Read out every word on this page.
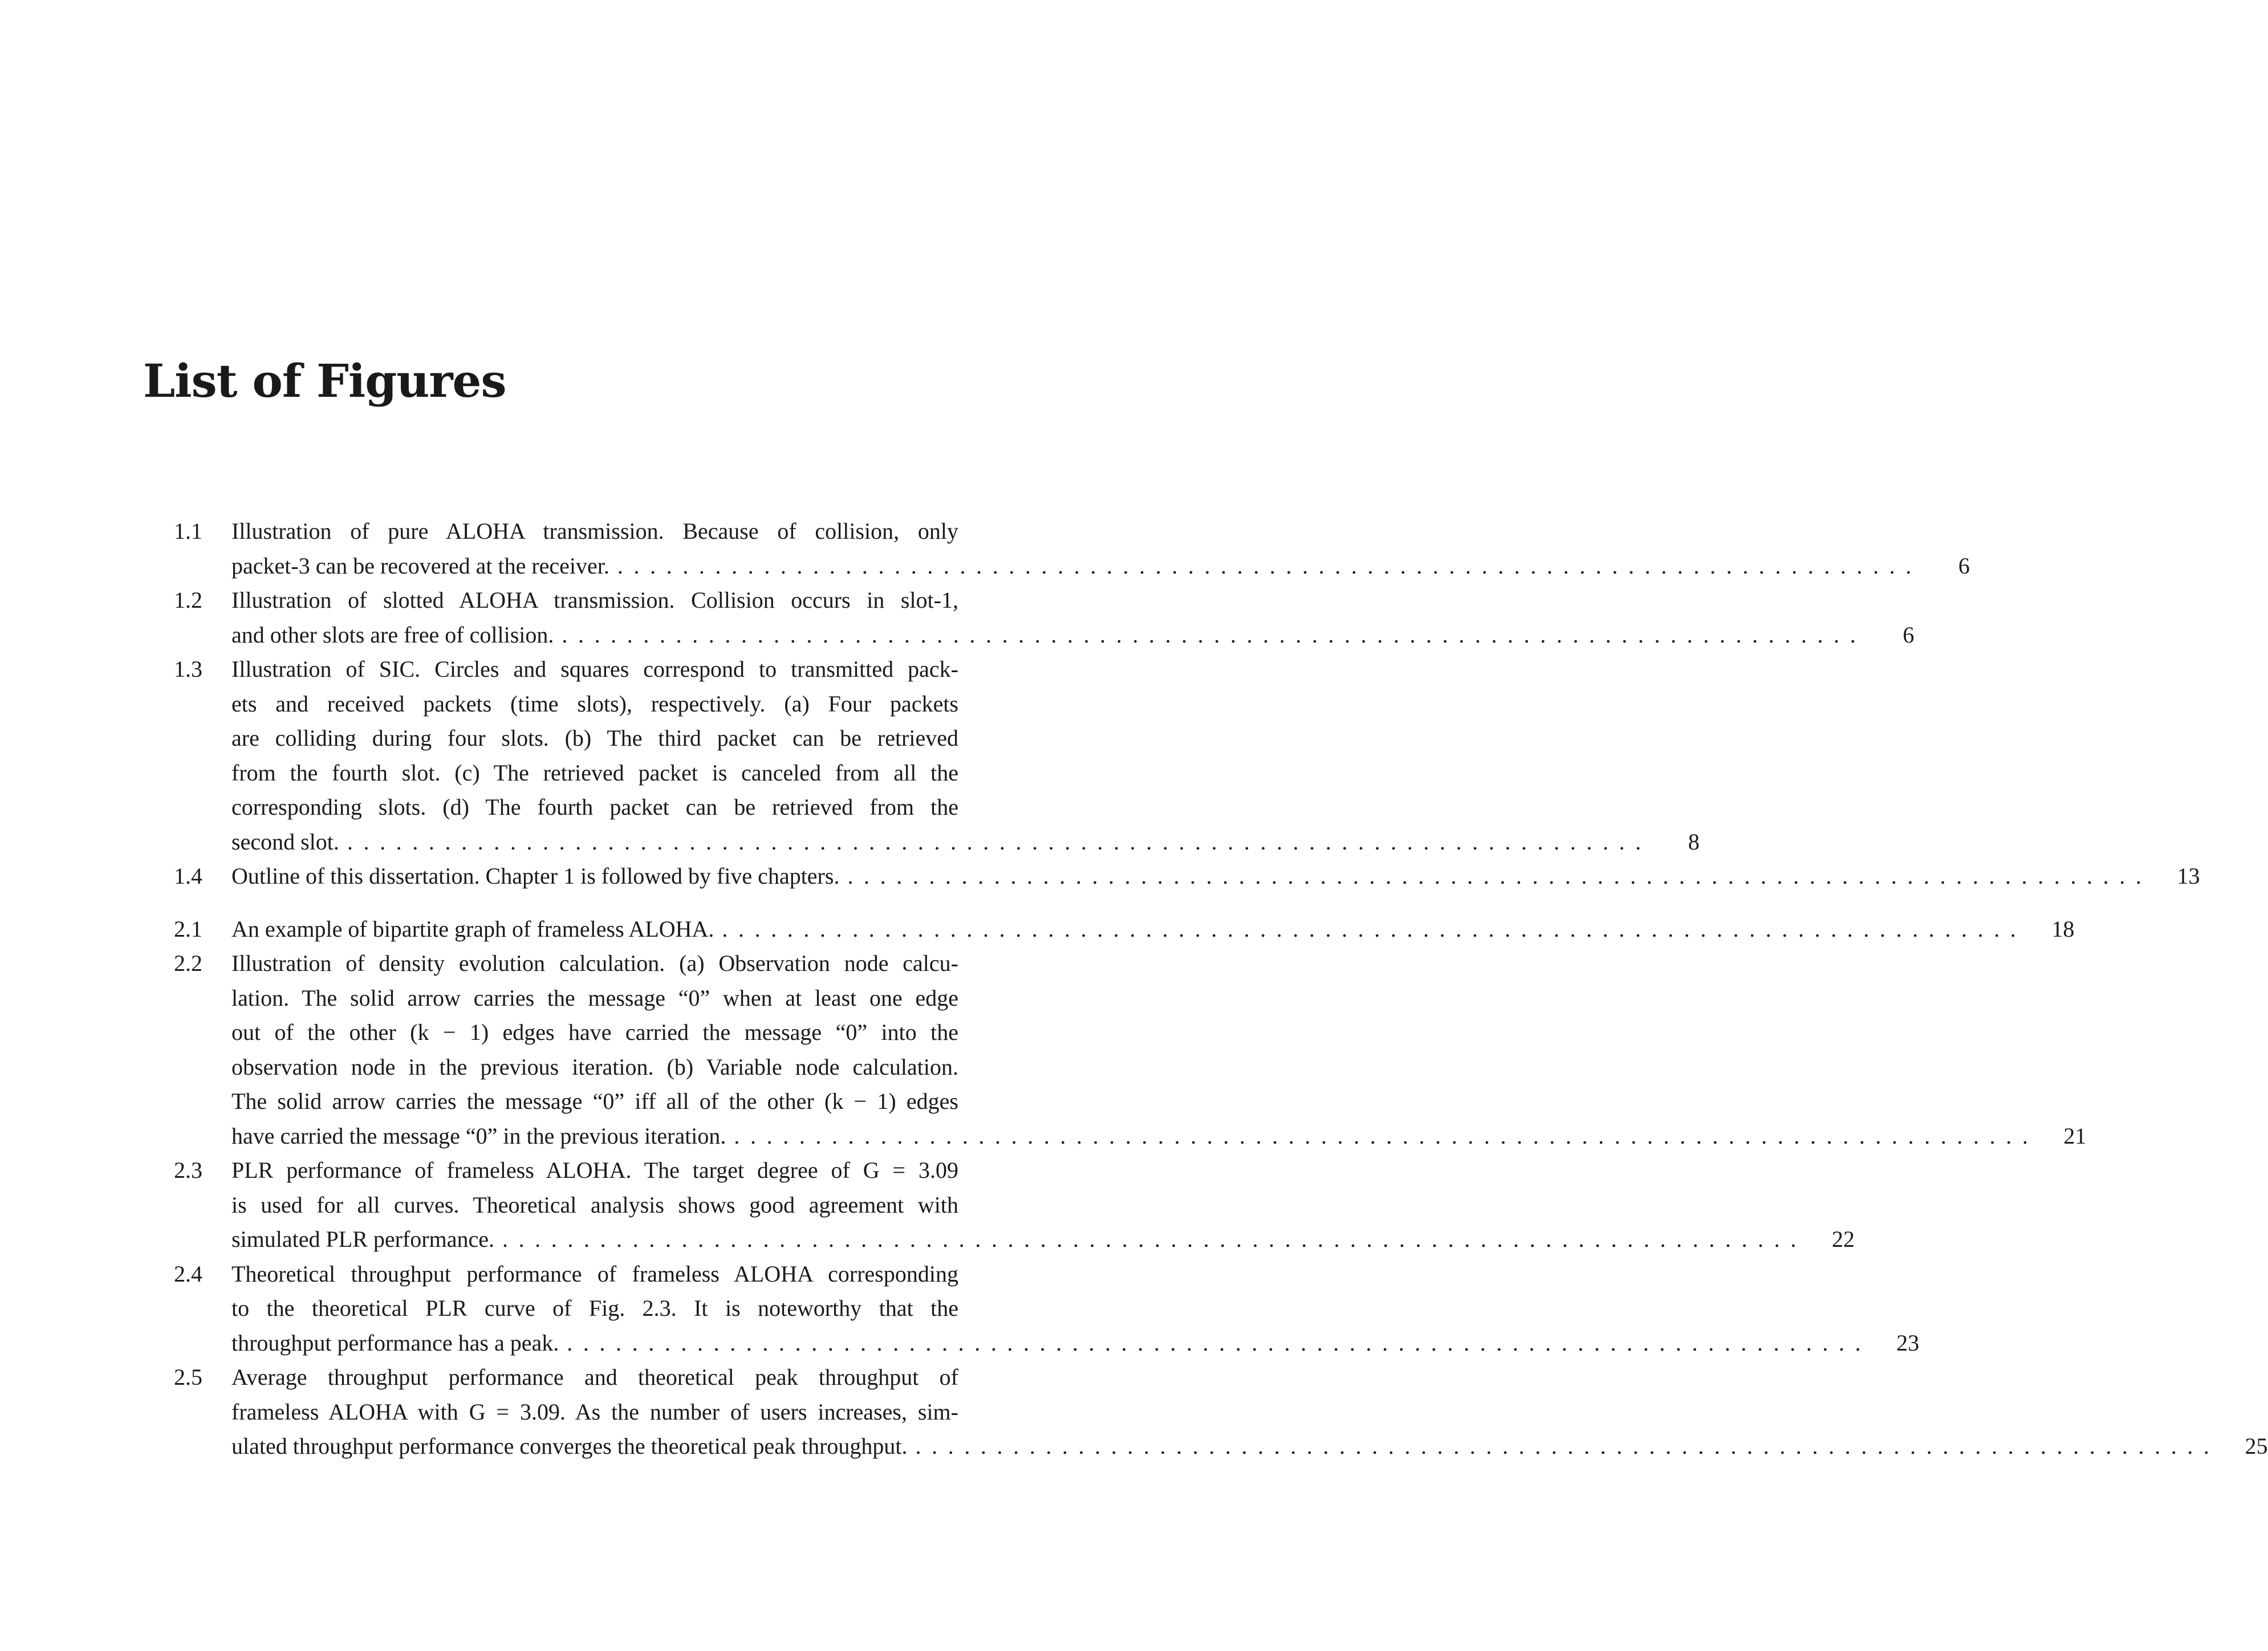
List of Figures
1.1 Illustration of pure ALOHA transmission. Because of collision, only
packet-3 can be recovered at the receiver. ................................................................................	6
1.2 Illustration of slotted ALOHA transmission. Collision occurs in slot-1,
and other slots are free of collision. ................................................................................	6
1.3 Illustration of SIC. Circles and squares correspond to transmitted pack-
ets and received packets (time slots), respectively. (a) Four packets
are colliding during four slots. (b) The third packet can be retrieved
from the fourth slot. (c) The retrieved packet is canceled from all the
corresponding slots. (d) The fourth packet can be retrieved from the
second slot. ................................................................................	8
1.4 Outline of this dissertation. Chapter 1 is followed by five chapters. ................................................................................	13
2.1 An example of bipartite graph of frameless ALOHA. ................................................................................	18
2.2 Illustration of density evolution calculation. (a) Observation node calcu-
lation. The solid arrow carries the message “0” when at least one edge
out of the other (k − 1) edges have carried the message “0” into the
observation node in the previous iteration. (b) Variable node calculation.
The solid arrow carries the message “0” iff all of the other (k − 1) edges
have carried the message “0” in the previous iteration. ................................................................................	21
2.3 PLR performance of frameless ALOHA. The target degree of G = 3.09
is used for all curves. Theoretical analysis shows good agreement with
simulated PLR performance. ................................................................................	22
2.4 Theoretical throughput performance of frameless ALOHA corresponding
to the theoretical PLR curve of Fig. 2.3. It is noteworthy that the
throughput performance has a peak. ................................................................................	23
2.5 Average throughput performance and theoretical peak throughput of
frameless ALOHA with G = 3.09. As the number of users increases, sim-
ulated throughput performance converges the theoretical peak throughput. ................................................................................	25
